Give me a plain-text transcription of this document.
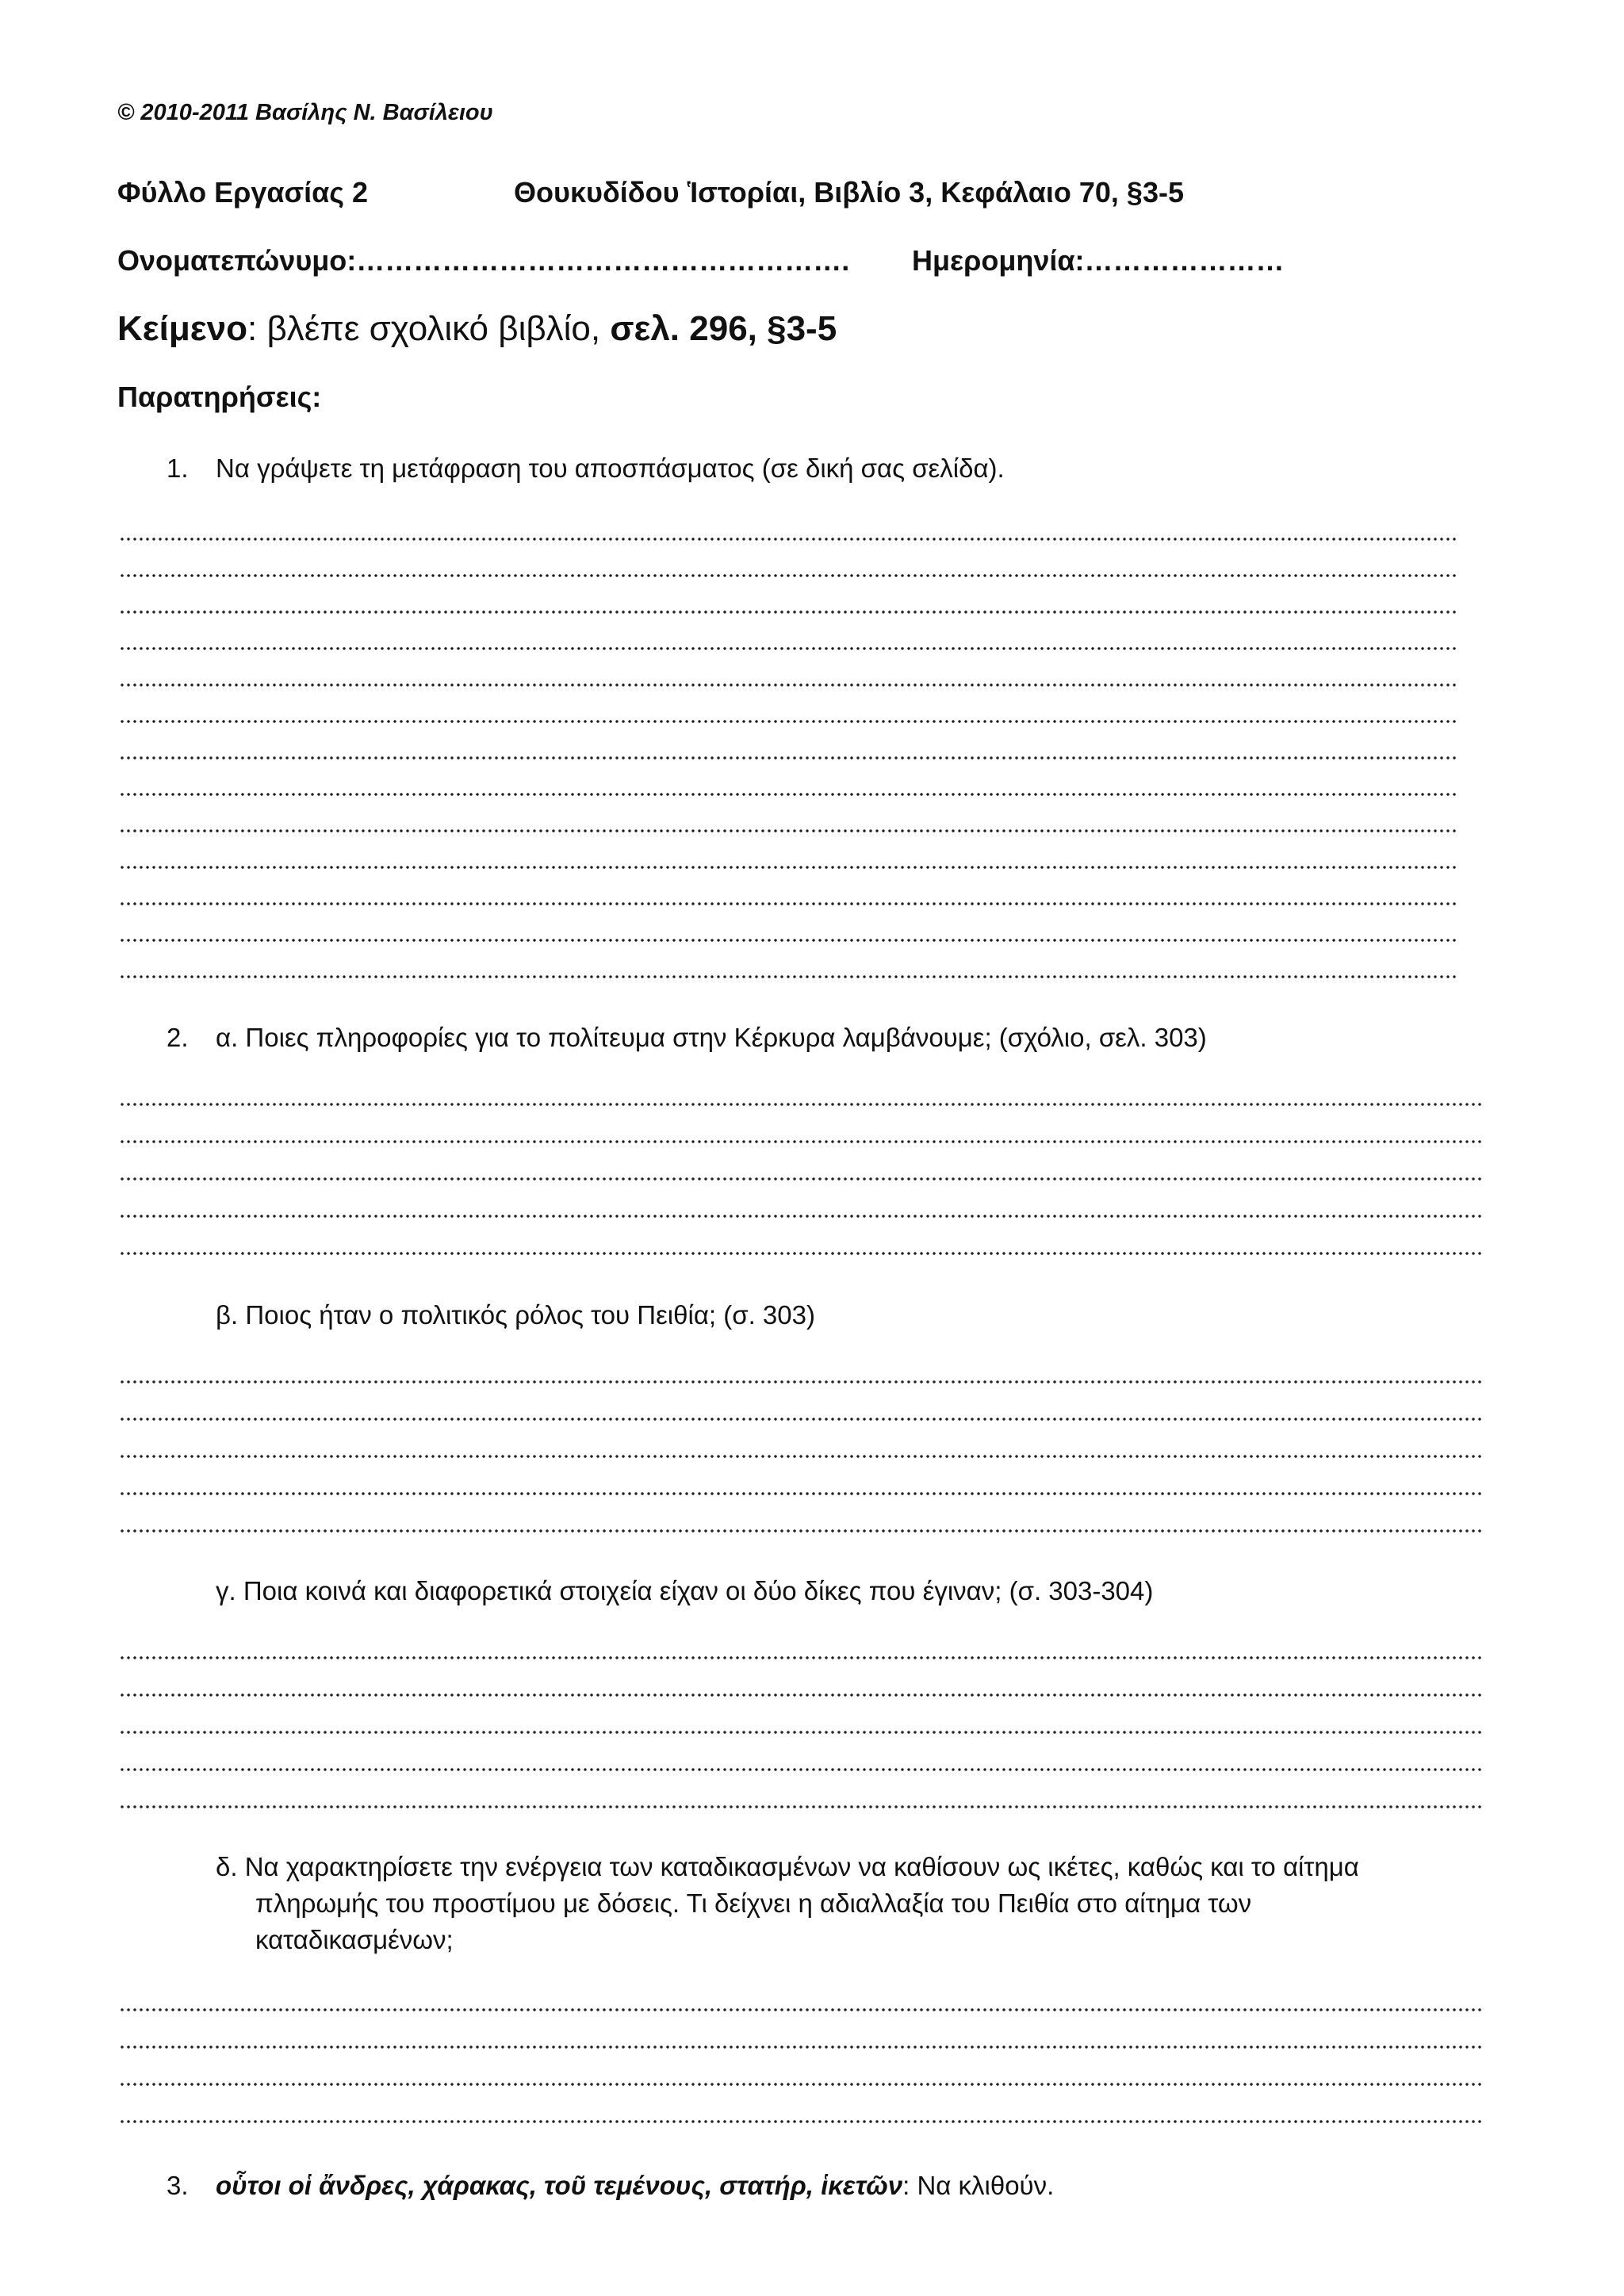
© 2010-2011 Βασίλης Ν. Βασίλειου
Φύλλο Εργασίας 2	Θουκυδίδου Ἱστορίαι, Βιβλίο 3, Κεφάλαιο 70, §3-5
Ονοματεπώνυμο:……………………………………………. Ημερομηνία:…………………
Κείμενο: βλέπε σχολικό βιβλίο, σελ. 296, §3-5
Παρατηρήσεις:
1. Να γράψετε τη μετάφραση του αποσπάσματος (σε δική σας σελίδα).
2. α. Ποιες πληροφορίες για το πολίτευμα στην Κέρκυρα λαμβάνουμε; (σχόλιο, σελ. 303)
β. Ποιος ήταν ο πολιτικός ρόλος του Πειθία; (σ. 303)
γ. Ποια κοινά και διαφορετικά στοιχεία είχαν οι δύο δίκες που έγιναν; (σ. 303-304)
δ. Να χαρακτηρίσετε την ενέργεια των καταδικασμένων να καθίσουν ως ικέτες, καθώς και το αίτημα
πληρωμής του προστίμου με δόσεις. Τι δείχνει η αδιαλλαξία του Πειθία στο αίτημα των
καταδικασμένων;
3. οὗτοι οἱ ἄνδρες, χάρακας, τοῦ τεμένους, στατήρ, ἱκετῶν: Να κλιθούν.
